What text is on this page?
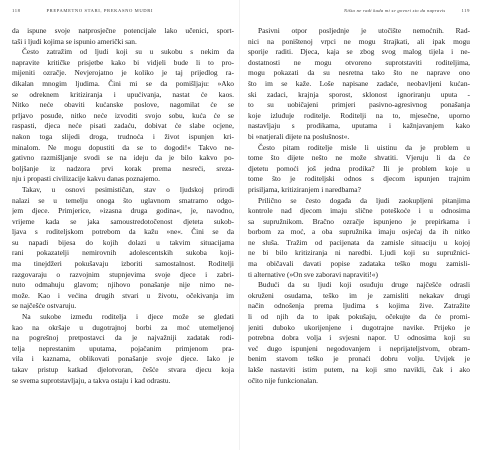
118	PREPAMETNO STARI, PREKASNO MUDRI
da ispune svoje natprosječne potencijale lako učenici, sport-
taši i ljudi kojima se ispunio američki san.
Često zatražim od ljudi koji su u sukobu s nekim da
napravite kritičke prisjetbe kako bi vidjeli bude li to pro-
mijeniti ozračje. Nevjerojatno je koliko je taj prijedlog ra-
dikalan mnogim ljudima. Čini mi se da pomišljaju: »Ako
se odreknem kritiziranja i upućivanja, nastat će kaos.
Nitko neće obaviti kućanske poslove, nagomilat će se
prljavo posuđe, nitko neće izvoditi svojo sobu, kuća će se
raspasti, djeca neće pisati zadaću, dobivat će slabe ocjene,
nakon toga slijedi droga, trudnoća i život ispunjen kri-
minalom. Ne mogu dopustiti da se to dogodi!« Takvo ne-
gativno razmišljanje svodi se na ideju da je bilo kakvo po-
boljšanje iz nadzora prvi korak prema nesreći, sreza-
nju i propasti civilizacije kakvu danas poznajemo.
Takav, u osnovi pesimističan, stav o ljudskoj prirodi
nalazi se u temelju onoga što uglavnom smatramo odgo-
jem djece. Primjerice, »izasna druga godina«, je, navodno,
vrijeme kada se jaka samoustredotočenost djeteta sukob-
ljava s roditeljskom potrebom da kažu »ne«. Čini se da
su napadi bijesa do kojih dolazi u takvim situacijama
rani pokazatelji nemirovnih adolescentskih sukoba koji-
ma tinejdžeri pokušavaju izboriti samostalnost. Roditelji
razgovaraju o razvojnim stupnjevima svoje djece i zabri-
nuto odmahuju glavom; njihovo ponašanje nije nimo ne-
može. Kao i većina drugih stvari u životu, očekivanja im
se najčešće ostvaruju.
Na sukobe između roditelja i djece može se gledati
kao na okršaje u dugotrajnoj borbi za moć utemeljenoj
na pogrešnoj pretpostavci da je najvažniji zadatak rodi-
telja neprestanim uputama, pojačanim primjenom pra-
vila i kaznama, oblikovati ponašanje svoje djece. Iako je
takav pristup katkad djelotvoran, češće stvara djecu koja
se svema suprotstavljaju, a takva ostaju i kad odrastu.
Ništa ne radi kada mi se govori sto da napravis	119
Pasivni otpor posljednje je utočište nemoćnih. Rad-
nici na poništenoj vrpci ne mogu štrajkati, ali ipak mogu
sporije raditi. Djeca, kaja se zbog svog malog tijela i ne-
dostatnosti ne mogu otvoreno suprotstaviti roditeljima,
mogu pokazati da su nesretna tako što ne naprave ono
što im se kaže. Loše napisane zadaće, neobavljeni kućan-
ski zadaci, krajnja sporost, sklonost ignoriranju uputa -
to su uobičajeni primjeri pasivno-agresivnog ponašanja
koje izluđuje roditelje. Roditelji na to, mjesečne, uporno
nastavljaju s prodikama, uputama i kažnjavanjem kako
bi »natjerali dijete na poslušnost«.
Često pitam roditelje misle li uistinu da je problem u
tome što dijete nešto ne može shvatiti. Vjeruju li da će
djetetu pomoći još jedna prodika? Ili je problem koje u
tome što je roditeljski odnos s djecom ispunjen trajnim
prisiljama, kritiziranjem i naredbama?
Prilično se često događa da ljudi zaokupljeni pitanjima
kontrole nad djecom imaju slične poteškoće i u odnosima
sa supružnikom. Bračno ozračje ispunjeno je prepirkama i
borbom za moć, a oba supružnika imaju osjećaj da ih nitko
ne sluša. Tražim od pacijenata da zamisle situaciju u kojoj
ne bi bilo kritiziranja ni naredbi. Ljudi koji su supružnici-
ma običavali davati popise zadataka teško mogu zamisli-
ti alternative (»On sve zaboravi napraviti!«)
Budući da su ljudi koji osuđuju druge najčešće odrasli
okruženi osudama, teško im je zamisliti nekakav drugi
način odnošenja prema ljudima s kojima žive. Zatražite
li od njih da to ipak pokušaju, očekujte da će promi-
jeniti duboko ukorijenjene i dugotrajne navike. Prijeko je
potrebna dobra volja i svjesni napor. U odnosima koji su
već dugo ispunjeni negodovanjem i neprijateljstvom, obram-
benim stavom teško je pronaći dobru volju. Uvijek je
lakše nastaviti istim putem, na koji smo navikli, čak i ako
očito nije funkcionalan.
